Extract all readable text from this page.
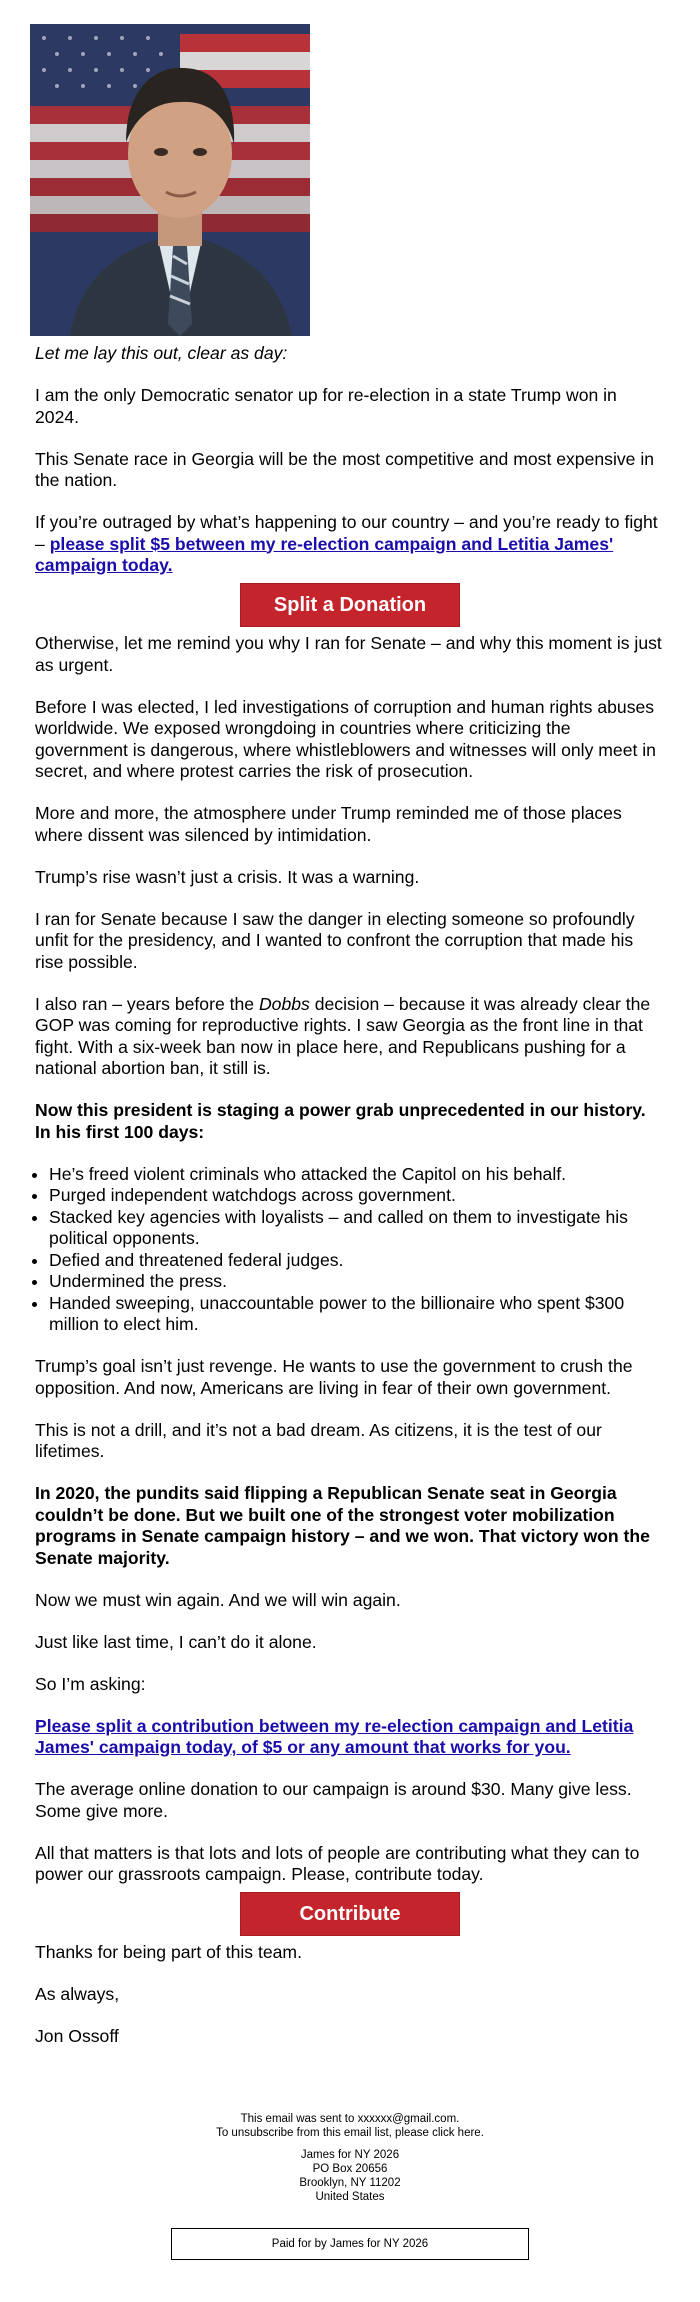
Let me lay this out, clear as day:

I am the only Democratic senator up for re-election in a state Trump won in 2024.

This Senate race in Georgia will be the most competitive and most expensive in the nation.

If you’re outraged by what’s happening to our country – and you’re ready to fight – please split $5 between my re-election campaign and Letitia James' campaign today.

Split a Donation

Otherwise, let me remind you why I ran for Senate – and why this moment is just as urgent.

Before I was elected, I led investigations of corruption and human rights abuses worldwide. We exposed wrongdoing in countries where criticizing the government is dangerous, where whistleblowers and witnesses will only meet in secret, and where protest carries the risk of prosecution.

More and more, the atmosphere under Trump reminded me of those places where dissent was silenced by intimidation.

Trump’s rise wasn’t just a crisis. It was a warning.

I ran for Senate because I saw the danger in electing someone so profoundly unfit for the presidency, and I wanted to confront the corruption that made his rise possible.

I also ran – years before the Dobbs decision – because it was already clear the GOP was coming for reproductive rights. I saw Georgia as the front line in that fight. With a six-week ban now in place here, and Republicans pushing for a national abortion ban, it still is.

Now this president is staging a power grab unprecedented in our history. In his first 100 days:

• He’s freed violent criminals who attacked the Capitol on his behalf.
• Purged independent watchdogs across government.
• Stacked key agencies with loyalists – and called on them to investigate his political opponents.
• Defied and threatened federal judges.
• Undermined the press.
• Handed sweeping, unaccountable power to the billionaire who spent $300 million to elect him.

Trump’s goal isn’t just revenge. He wants to use the government to crush the opposition. And now, Americans are living in fear of their own government.

This is not a drill, and it’s not a bad dream. As citizens, it is the test of our lifetimes.

In 2020, the pundits said flipping a Republican Senate seat in Georgia couldn’t be done. But we built one of the strongest voter mobilization programs in Senate campaign history – and we won. That victory won the Senate majority.

Now we must win again. And we will win again.

Just like last time, I can’t do it alone.

So I’m asking:

Please split a contribution between my re-election campaign and Letitia James' campaign today, of $5 or any amount that works for you.

The average online donation to our campaign is around $30. Many give less. Some give more.

All that matters is that lots and lots of people are contributing what they can to power our grassroots campaign. Please, contribute today.

Contribute

Thanks for being part of this team.

As always,

Jon Ossoff

This email was sent to xxxxxx@gmail.com.
To unsubscribe from this email list, please click here.

James for NY 2026
PO Box 20656
Brooklyn, NY 11202
United States

Paid for by James for NY 2026
